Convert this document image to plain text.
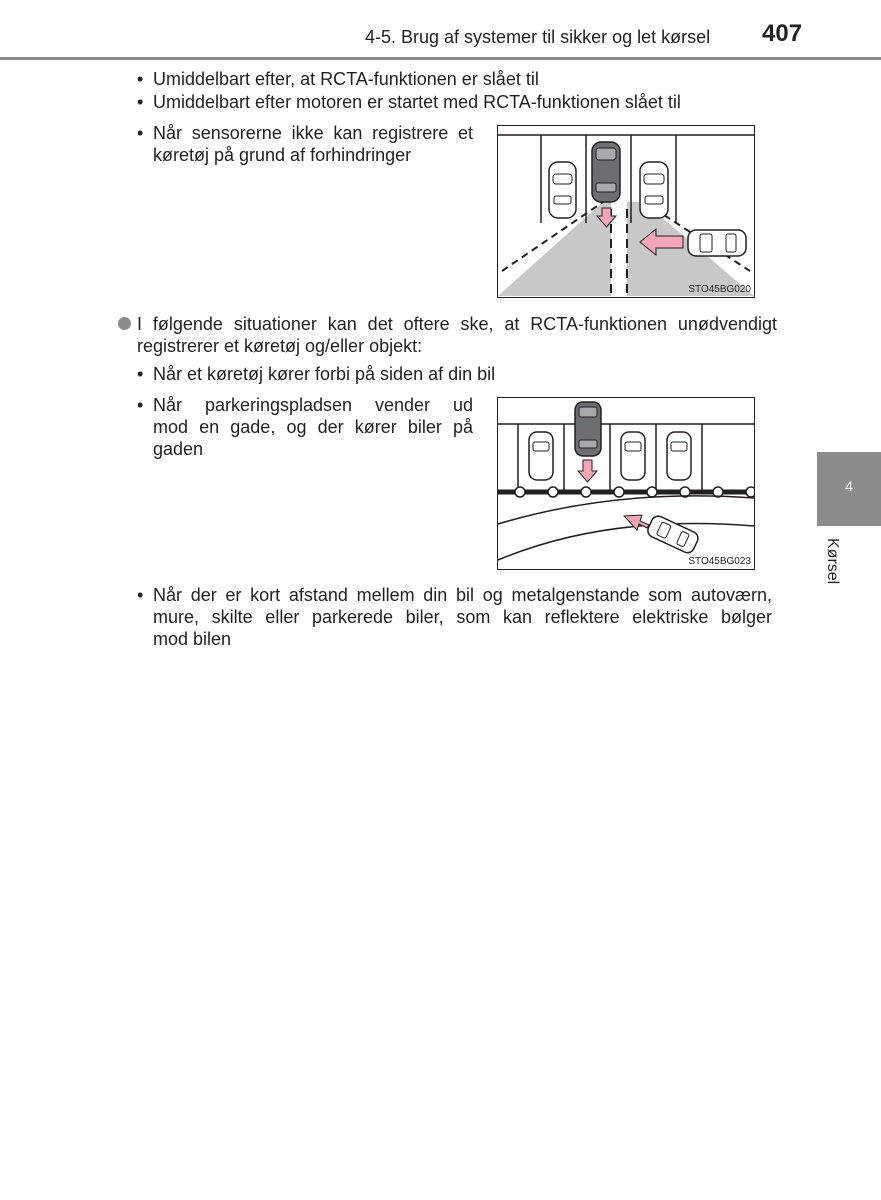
4-5. Brug af systemer til sikker og let kørsel 407
• Umiddelbart efter, at RCTA-funktionen er slået til
• Umiddelbart efter motoren er startet med RCTA-funktionen slået til
• Når sensorerne ikke kan registrere et
køretøj på grund af forhindringer
STO45BG020
I følgende situationer kan det oftere ske, at RCTA-funktionen unødvendigt
registrerer et køretøj og/eller objekt:
• Når et køretøj kører forbi på siden af din bil
• Når parkeringspladsen vender ud
mod en gade, og der kører biler på
gaden
STO45BG023
• Når der er kort afstand mellem din bil og metalgenstande som autoværn,
mure, skilte eller parkerede biler, som kan reflektere elektriske bølger
mod bilen
4
Kørsel
